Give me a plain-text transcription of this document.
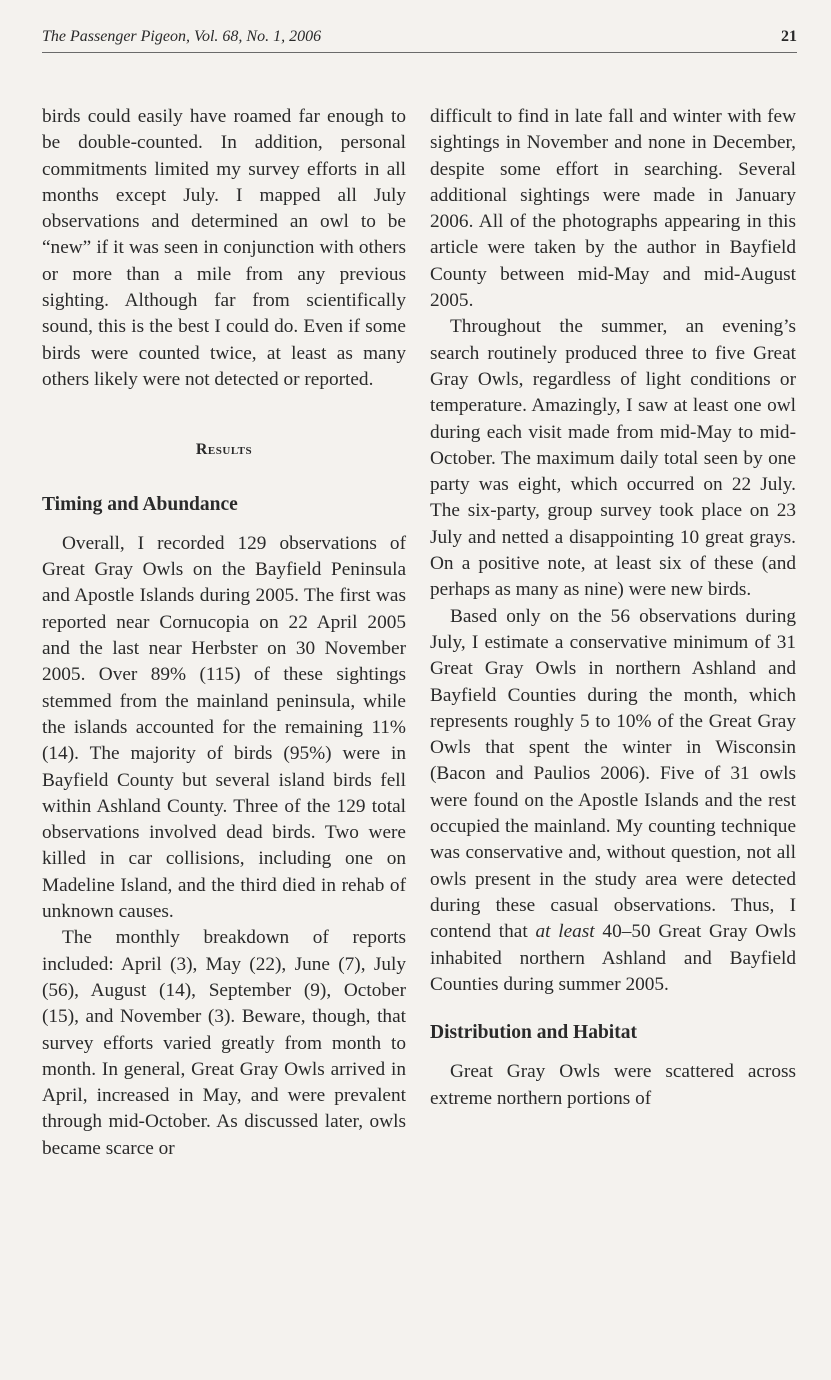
The Passenger Pigeon, Vol. 68, No. 1, 2006	21

birds could easily have roamed far enough to be double-counted. In addition, personal commitments limited my survey efforts in all months except July. I mapped all July observations and determined an owl to be “new” if it was seen in conjunction with others or more than a mile from any previous sighting. Although far from scientifically sound, this is the best I could do. Even if some birds were counted twice, at least as many others likely were not detected or reported.

Results
Timing and Abundance

Overall, I recorded 129 observations of Great Gray Owls on the Bayfield Peninsula and Apostle Islands during 2005. The first was reported near Cornucopia on 22 April 2005 and the last near Herbster on 30 November 2005. Over 89% (115) of these sightings stemmed from the mainland peninsula, while the islands accounted for the remaining 11% (14). The majority of birds (95%) were in Bayfield County but several island birds fell within Ashland County. Three of the 129 total observations involved dead birds. Two were killed in car collisions, including one on Madeline Island, and the third died in rehab of unknown causes.

The monthly breakdown of reports included: April (3), May (22), June (7), July (56), August (14), September (9), October (15), and November (3). Beware, though, that survey efforts varied greatly from month to month. In general, Great Gray Owls arrived in April, increased in May, and were prevalent through mid-October. As discussed later, owls became scarce or

difficult to find in late fall and winter with few sightings in November and none in December, despite some effort in searching. Several additional sightings were made in January 2006. All of the photographs appearing in this article were taken by the author in Bayfield County between mid-May and mid-August 2005.

Throughout the summer, an evening’s search routinely produced three to five Great Gray Owls, regardless of light conditions or temperature. Amazingly, I saw at least one owl during each visit made from mid-May to mid-October. The maximum daily total seen by one party was eight, which occurred on 22 July. The six-party, group survey took place on 23 July and netted a disappointing 10 great grays. On a positive note, at least six of these (and perhaps as many as nine) were new birds.

Based only on the 56 observations during July, I estimate a conservative minimum of 31 Great Gray Owls in northern Ashland and Bayfield Counties during the month, which represents roughly 5 to 10% of the Great Gray Owls that spent the winter in Wisconsin (Bacon and Paulios 2006). Five of 31 owls were found on the Apostle Islands and the rest occupied the mainland. My counting technique was conservative and, without question, not all owls present in the study area were detected during these casual observations. Thus, I contend that at least 40–50 Great Gray Owls inhabited northern Ashland and Bayfield Counties during summer 2005.

Distribution and Habitat

Great Gray Owls were scattered across extreme northern portions of
